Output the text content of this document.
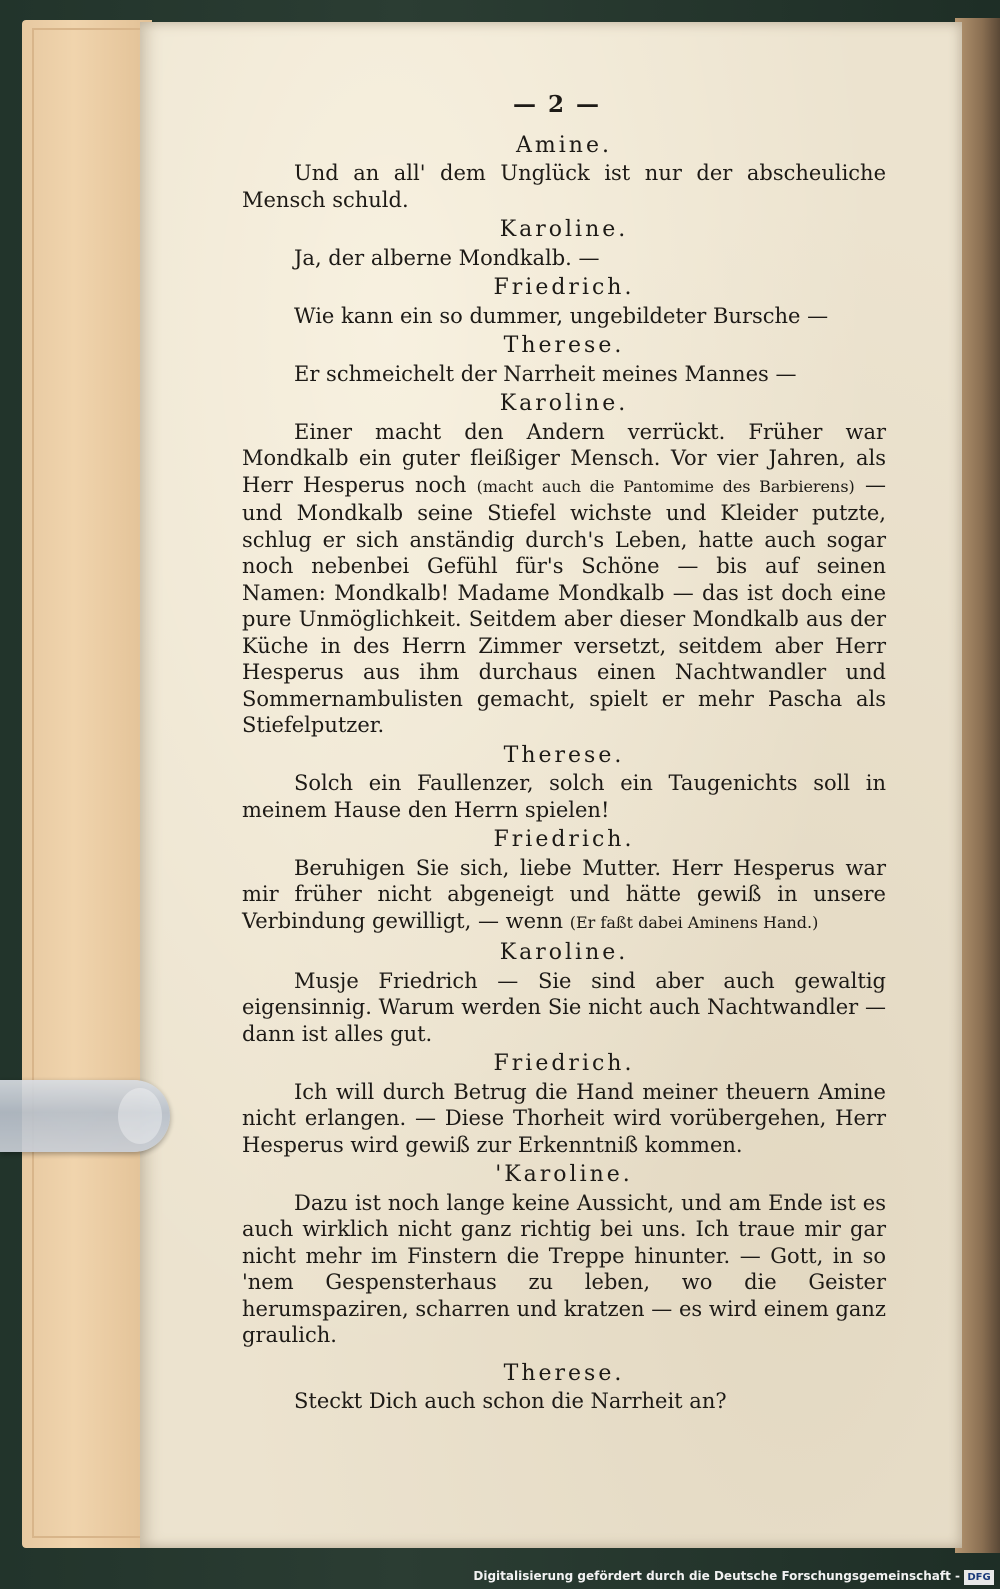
— 2 —
Amine.

Und an all' dem Unglück ist nur der abscheuliche Mensch schuld.

Karoline.

Ja, der alberne Mondkalb. —

Friedrich.

Wie kann ein so dummer, ungebildeter Bursche —

Therese.

Er schmeichelt der Narrheit meines Mannes —

Karoline.

Einer macht den Andern verrückt. Früher war Mondkalb ein guter fleißiger Mensch. Vor vier Jahren, als Herr Hesperus noch (macht auch die Pantomime des Barbierens) — und Mondkalb seine Stiefel wichste und Kleider putzte, schlug er sich anständig durch's Leben, hatte auch sogar noch nebenbei Gefühl für's Schöne — bis auf seinen Namen: Mondkalb! Madame Mondkalb — das ist doch eine pure Unmöglichkeit. Seitdem aber dieser Mondkalb aus der Küche in des Herrn Zimmer versetzt, seitdem aber Herr Hesperus aus ihm durchaus einen Nachtwandler und Sommernambulisten gemacht, spielt er mehr Pascha als Stiefelputzer.

Therese.

Solch ein Faullenzer, solch ein Taugenichts soll in meinem Hause den Herrn spielen!

Friedrich.

Beruhigen Sie sich, liebe Mutter. Herr Hesperus war mir früher nicht abgeneigt und hätte gewiß in unsere Verbindung gewilligt, — wenn (Er faßt dabei Aminens Hand.)

Karoline.

Musje Friedrich — Sie sind aber auch gewaltig eigensinnig. Warum werden Sie nicht auch Nachtwandler — dann ist alles gut.

Friedrich.

Ich will durch Betrug die Hand meiner theuern Amine nicht erlangen. — Diese Thorheit wird vorübergehen, Herr Hesperus wird gewiß zur Erkenntniß kommen.

'Karoline.

Dazu ist noch lange keine Aussicht, und am Ende ist es auch wirklich nicht ganz richtig bei uns. Ich traue mir gar nicht mehr im Finstern die Treppe hinunter. — Gott, in so 'nem Gespensterhaus zu leben, wo die Geister herumspaziren, scharren und kratzen — es wird einem ganz graulich.

Therese.

Steckt Dich auch schon die Narrheit an?

Digitalisierung gefördert durch die Deutsche Forschungsgemeinschaft - DFG
